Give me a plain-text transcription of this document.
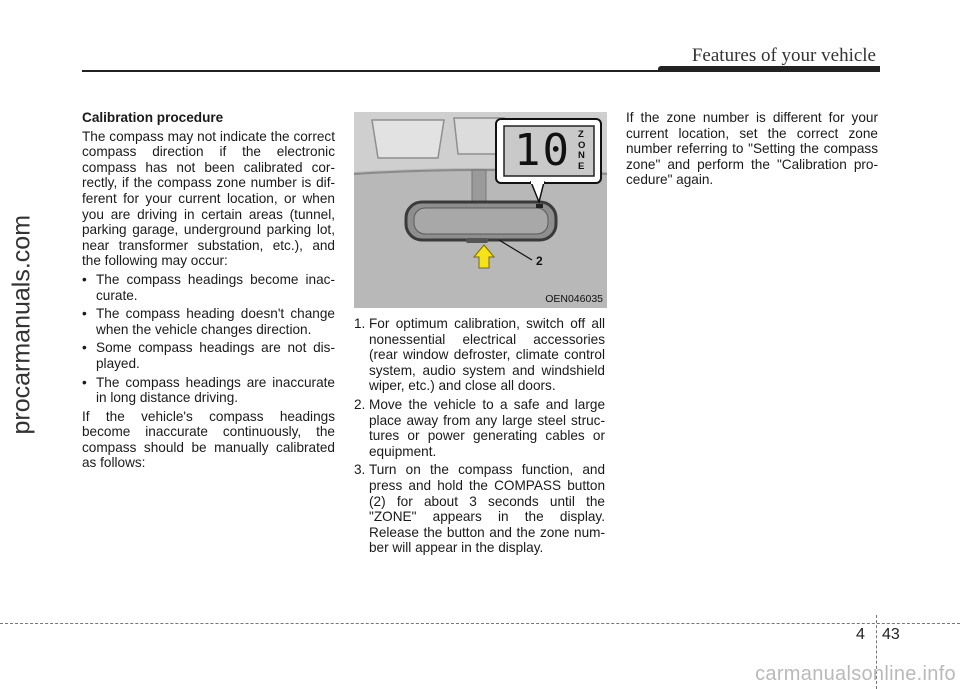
Features of your vehicle
procarmanuals.com
Calibration procedure

The compass may not indicate the correct compass direction if the electronic compass has not been calibrated correctly, if the compass zone number is different for your current location, or when you are driving in certain areas (tunnel, parking garage, underground parking lot, near transformer substation, etc.), and the following may occur:

• The compass headings become inaccurate.
• The compass heading doesn't change when the vehicle changes direction.
• Some compass headings are not displayed.
• The compass headings are inaccurate in long distance driving.

If the vehicle's compass headings become inaccurate continuously, the compass should be manually calibrated as follows:

10 ZONE
2
OEN046035
1. For optimum calibration, switch off all nonessential electrical accessories (rear window defroster, climate control system, audio system and windshield wiper, etc.) and close all doors.
2. Move the vehicle to a safe and large place away from any large steel structures or power generating cables or equipment.
3. Turn on the compass function, and press and hold the COMPASS button (2) for about 3 seconds until the "ZONE" appears in the display. Release the button and the zone number will appear in the display.

If the zone number is different for your current location, set the correct zone number referring to "Setting the compass zone" and perform the "Calibration procedure" again.

4 43
carmanualsonline.info
